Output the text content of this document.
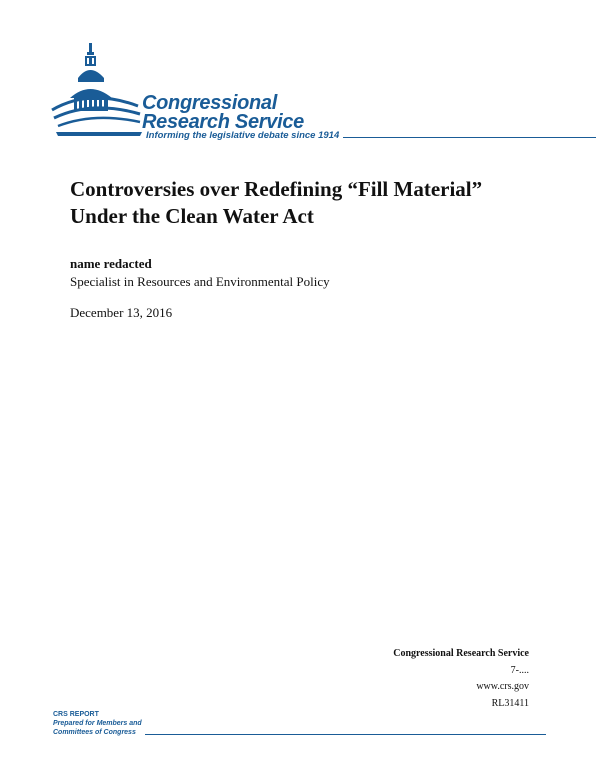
Congressional
Research Service
Informing the legislative debate since 1914
Controversies over Redefining “Fill Material”
Under the Clean Water Act

name redacted

Specialist in Resources and Environmental Policy

December 13, 2016

Congressional Research Service
7-....
www.crs.gov
RL31411
CRS REPORT
Prepared for Members and
Committees of Congress
